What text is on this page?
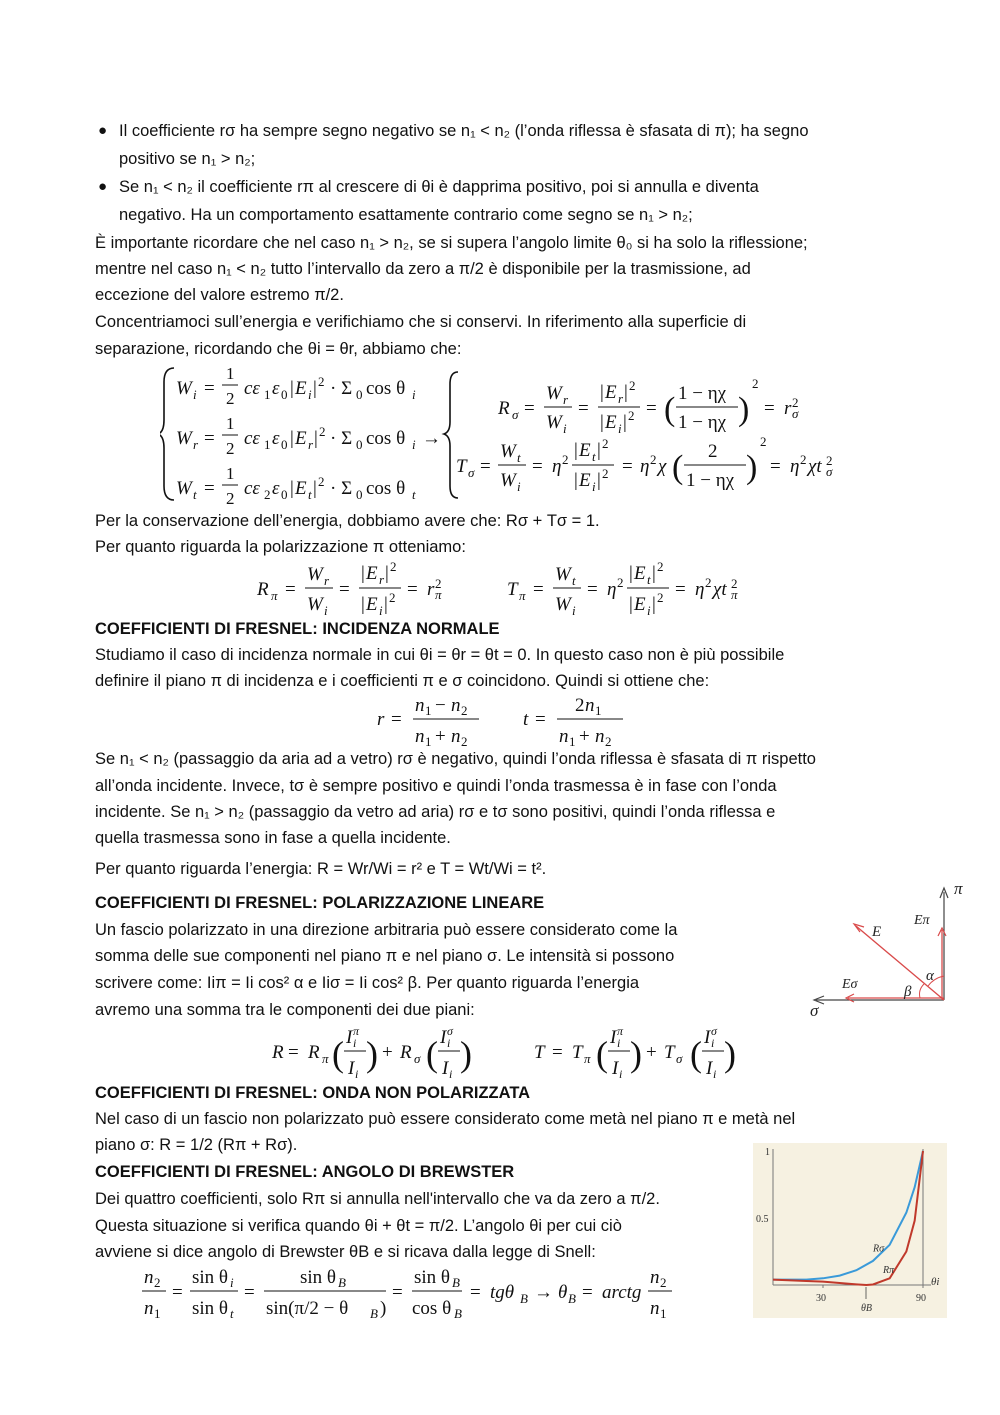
● Il coefficiente rσ ha sempre segno negativo se n₁ < n₂ (l’onda riflessa è sfasata di π); ha segno
positivo se n₁ > n₂;
● Se n₁ < n₂ il coefficiente rπ al crescere di θi è dapprima positivo, poi si annulla e diventa
negativo. Ha un comportamento esattamente contrario come segno se n₁ > n₂;
È importante ricordare che nel caso n₁ > n₂, se si supera l’angolo limite θ₀ si ha solo la riflessione;
mentre nel caso n₁ < n₂ tutto l’intervallo da zero a π/2 è disponibile per la trasmissione, ad
eccezione del valore estremo π/2.
Concentriamoci sull’energia e verifichiamo che si conservi. In riferimento alla superficie di
separazione, ricordando che θi = θr, abbiamo che:
W i =
1
2 cε 1 ε 0 | E i | 2 · Σ 0 cos θ i
W r =
1
2 cε 1 ε 0 | E r | 2 · Σ 0 cos θ i →
W t =
1
2 cε 2 ε 0 | E t | 2 · Σ 0 cos θ t
R σ =
W r
W i
=
| E r | 2
| E i | 2 = ( 1 − ηχ
1 − ηχ )
2
= r σ
2
T σ =
W t
W i
= η 2 | E t | 2
| E i | 2 = η 2 χ ( 2
1 − ηχ )
2
= η 2 χt σ
2
Per la conservazione dell’energia, dobbiamo avere che: Rσ + Tσ = 1.
Per quanto riguarda la polarizzazione π otteniamo:
R π =
W r
W i
=
| E r | 2
| E i | 2 = r π
2	T π =
W t
W i
= η 2 | E t | 2
| E i | 2 = η 2 χt π
2
COEFFICIENTI DI FRESNEL: INCIDENZA NORMALE
Studiamo il caso di incidenza normale in cui θi = θr = θt = 0. In questo caso non è più possibile
definire il piano π di incidenza e i coefficienti π e σ coincidono. Quindi si ottiene che:
r =
n 1 − n 2
n 1 + n 2
t =
2 n 1
n 1 + n 2
Se n₁ < n₂ (passaggio da aria ad a vetro) rσ è negativo, quindi l’onda riflessa è sfasata di π rispetto
all’onda incidente. Invece, tσ è sempre positivo e quindi l’onda trasmessa è in fase con l’onda
incidente. Se n₁ > n₂ (passaggio da vetro ad aria) rσ e tσ sono positivi, quindi l’onda riflessa e
quella trasmessa sono in fase a quella incidente.
Per quanto riguarda l’energia: R = Wr/Wi = r² e T = Wt/Wi = t².
COEFFICIENTI DI FRESNEL: POLARIZZAZIONE LINEARE
Un fascio polarizzato in una direzione arbitraria può essere considerato come la
somma delle sue componenti nel piano π e nel piano σ. Le intensità si possono
scrivere come: Iiπ = Ii cos² α e Iiσ = Ii cos² β. Per quanto riguarda l’energia
avremo una somma tra le componenti dei due piani:
π
σ
E
Eπ
Eσ
α
β
R = R π ( I i
π
I i ) + R σ ( I i
σ
I i )	T = T π ( I i
π
I i ) + T σ ( I i
σ
I i )
COEFFICIENTI DI FRESNEL: ONDA NON POLARIZZATA
Nel caso di un fascio non polarizzato può essere considerato come metà nel piano π e metà nel
piano σ: R = 1/2 (Rπ + Rσ).
COEFFICIENTI DI FRESNEL: ANGOLO DI BREWSTER
Dei quattro coefficienti, solo Rπ si annulla nell'intervallo che va da zero a π/2.
Questa situazione si verifica quando θi + θt = π/2. L’angolo θi per cui ciò
avviene si dice angolo di Brewster θB e si ricava dalla legge di Snell:
n 2
n 1
=
sin θ i
sin θ t
=
sin θ B
sin(π/2 − θ B )
=
sin θ B
cos θ B
= tgθ B → θ B = arctg
n 2
n 1
30	90
1
0.5
Rσ
Rπ
θi
θB
